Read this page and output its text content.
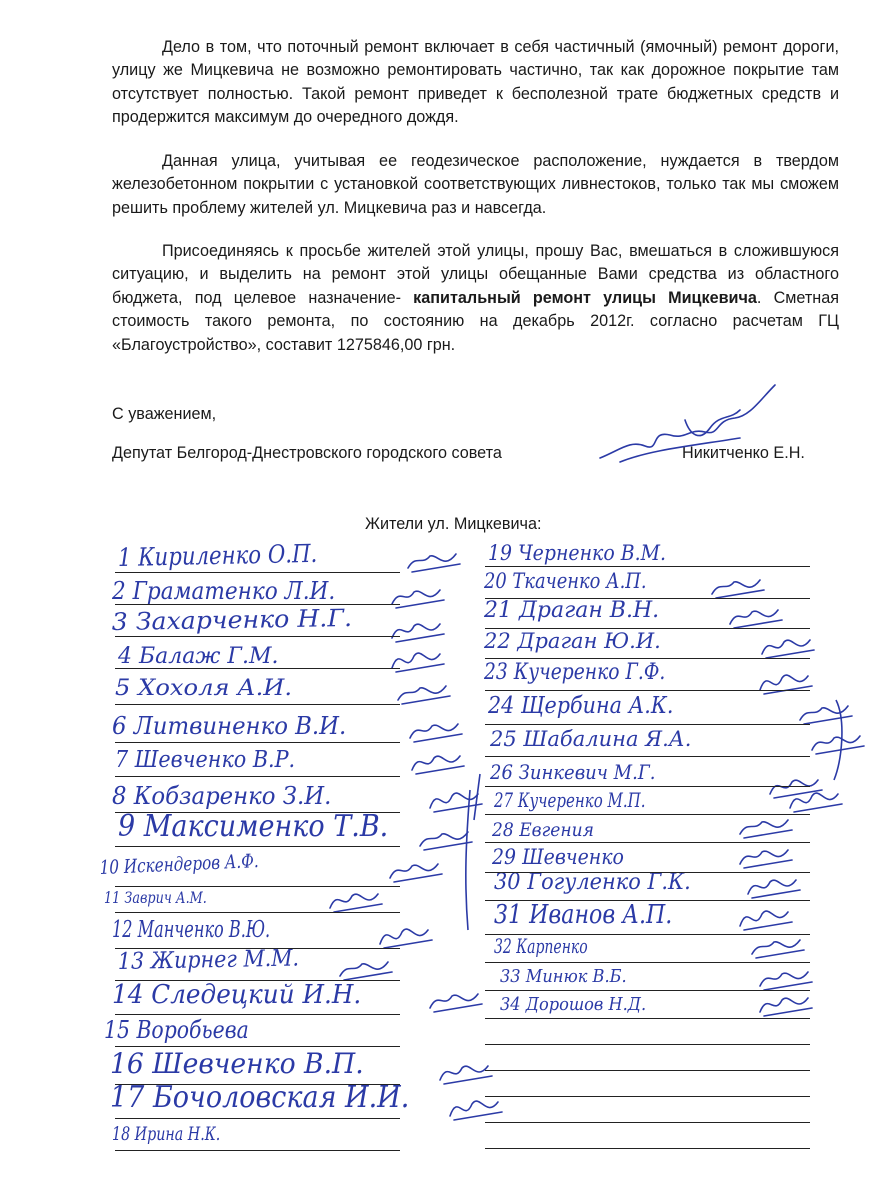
Дело в том, что поточный ремонт включает в себя частичный (ямочный) ремонт дороги, улицу же Мицкевича не возможно ремонтировать частично, так как дорожное покрытие там отсутствует полностью. Такой ремонт приведет к бесполезной трате бюджетных средств и продержится максимум до очередного дождя.

Данная улица, учитывая ее геодезическое расположение, нуждается в твердом железобетонном покрытии с установкой соответствующих ливнестоков, только так мы сможем решить проблему жителей ул. Мицкевича раз и навсегда.

Присоединяясь к просьбе жителей этой улицы, прошу Вас, вмешаться в сложившуюся ситуацию, и выделить на ремонт этой улицы обещанные Вами средства из областного бюджета, под целевое назначение- капитальный ремонт улицы Мицкевича. Сметная стоимость такого ремонта, по состоянию на декабрь 2012г. согласно расчетам ГЦ «Благоустройство», составит 1275846,00 грн.

С уважением,
Депутат Белгород-Днестровского городского совета	Никитченко Е.Н.
Жители ул. Мицкевича:
1 Кириленко О.П.
2 Граматенко Л.И.
3 Захарченко Н.Г.
4 Балаж Г.М.
5 Хохоля А.И.
6 Литвиненко В.И.
7 Шевченко В.Р.
8 Кобзаренко З.И.
9 Максименко Т.В.
10 Искендеров А.Ф.
11 Заврич А.М.
12 Манченко В.Ю.
13 Жирнег М.М.
14 Следецкий И.Н.
15 Воробьева
16 Шевченко В.П.
17 Бочоловская И.И.
18 Ирина Н.К.
19 Черненко В.М.
20 Ткаченко А.П.
21 Драган В.Н.
22 Драган Ю.И.
23 Кучеренко Г.Ф.
24 Щербина А.К.
25 Шабалина Я.А.
26 Зинкевич М.Г.
27 Кучеренко М.П.
28 Евгения
29 Шевченко
30 Гогуленко Г.К.
31 Иванов А.П.
32 Карпенко
33 Минюк В.Б.
34 Дорошов Н.Д.
